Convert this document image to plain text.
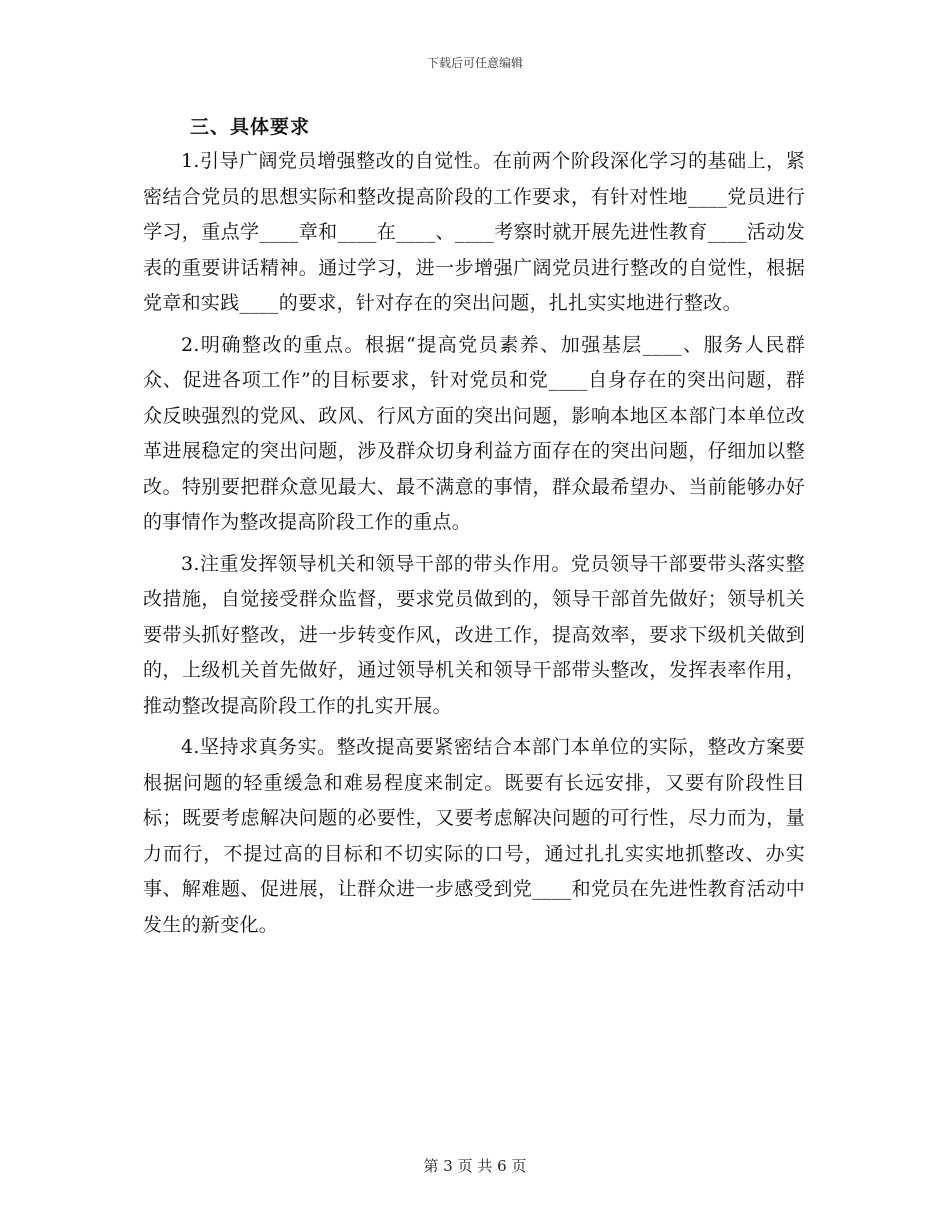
下载后可任意编辑
三、具体要求

1.引导广阔党员增强整改的自觉性。在前两个阶段深化学习的基础上，紧密结合党员的思想实际和整改提高阶段的工作要求，有针对性地____党员进行学习，重点学____章和____在____、____考察时就开展先进性教育____活动发表的重要讲话精神。通过学习，进一步增强广阔党员进行整改的自觉性，根据党章和实践____的要求，针对存在的突出问题，扎扎实实地进行整改。

2.明确整改的重点。根据“提高党员素养、加强基层____、服务人民群众、促进各项工作”的目标要求，针对党员和党____自身存在的突出问题，群众反映强烈的党风、政风、行风方面的突出问题，影响本地区本部门本单位改革进展稳定的突出问题，涉及群众切身利益方面存在的突出问题，仔细加以整改。特别要把群众意见最大、最不满意的事情，群众最希望办、当前能够办好的事情作为整改提高阶段工作的重点。

3.注重发挥领导机关和领导干部的带头作用。党员领导干部要带头落实整改措施，自觉接受群众监督，要求党员做到的，领导干部首先做好；领导机关要带头抓好整改，进一步转变作风，改进工作，提高效率，要求下级机关做到的，上级机关首先做好，通过领导机关和领导干部带头整改，发挥表率作用，推动整改提高阶段工作的扎实开展。

4.坚持求真务实。整改提高要紧密结合本部门本单位的实际，整改方案要根据问题的轻重缓急和难易程度来制定。既要有长远安排，又要有阶段性目标；既要考虑解决问题的必要性，又要考虑解决问题的可行性，尽力而为，量力而行，不提过高的目标和不切实际的口号，通过扎扎实实地抓整改、办实事、解难题、促进展，让群众进一步感受到党____和党员在先进性教育活动中发生的新变化。

第 3 页 共 6 页
